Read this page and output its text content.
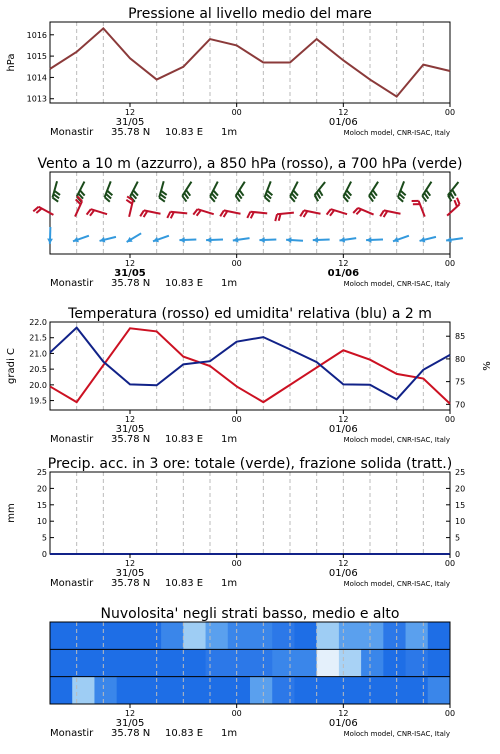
Pressione al livello medio del mare
1013
1014
1015
1016
hPa
12	00	12	00
31/05	01/06
Monastir 35.78 N 10.83 E 1m	Moloch model, CNR-ISAC, Italy
Vento a 10 m (azzurro), a 850 hPa (rosso), a 700 hPa (verde)
12	00	12	00
31/05	01/06
Monastir 35.78 N 10.83 E 1m	Moloch model, CNR-ISAC, Italy
Temperatura (rosso) ed umidita' relativa (blu) a 2 m
19.5
20.0
20.5
21.0
21.5
22.0
70
75
80
85
gradi C	%
12	00	12	00
31/05	01/06
Monastir 35.78 N 10.83 E 1m	Moloch model, CNR-ISAC, Italy
Precip. acc. in 3 ore: totale (verde), frazione solida (tratt.)
0
5
10
15
20
25
0
5
10
15
20
25
mm
12	00	12	00
31/05	01/06
Monastir 35.78 N 10.83 E 1m	Moloch model, CNR-ISAC, Italy
Nuvolosita' negli strati basso, medio e alto
12	00	12	00
31/05	01/06
Monastir 35.78 N 10.83 E 1m	Moloch model, CNR-ISAC, Italy
